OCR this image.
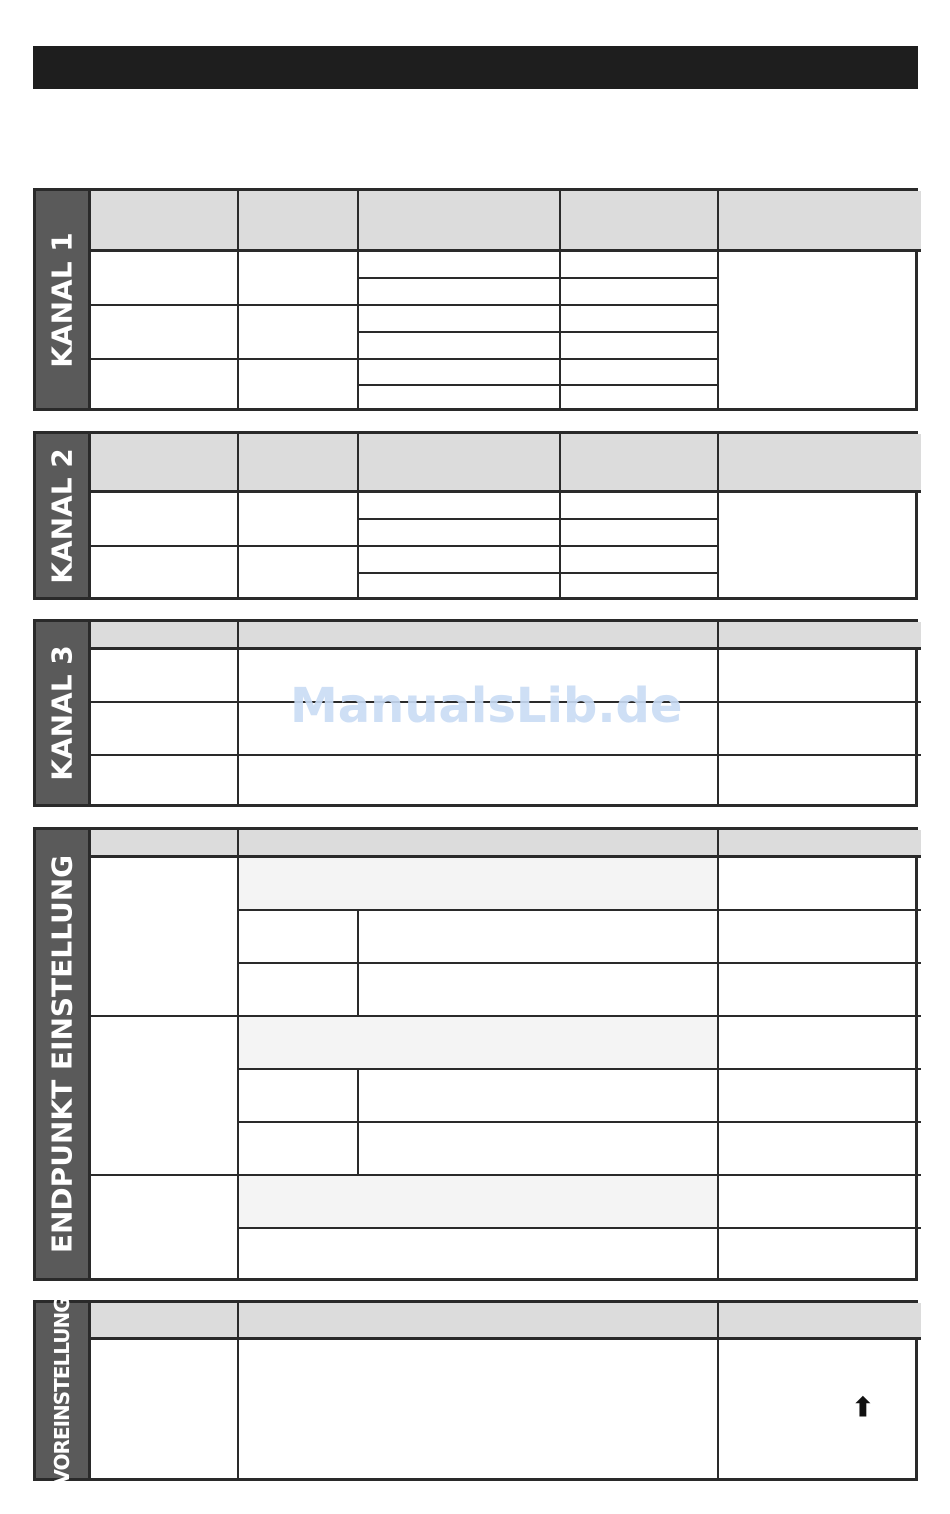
KANAL 1
KANAL 2
KANAL 3
ENDPUNKT EINSTELLUNG
VOREINSTELLUNG	⬆
ManualsLib.de
